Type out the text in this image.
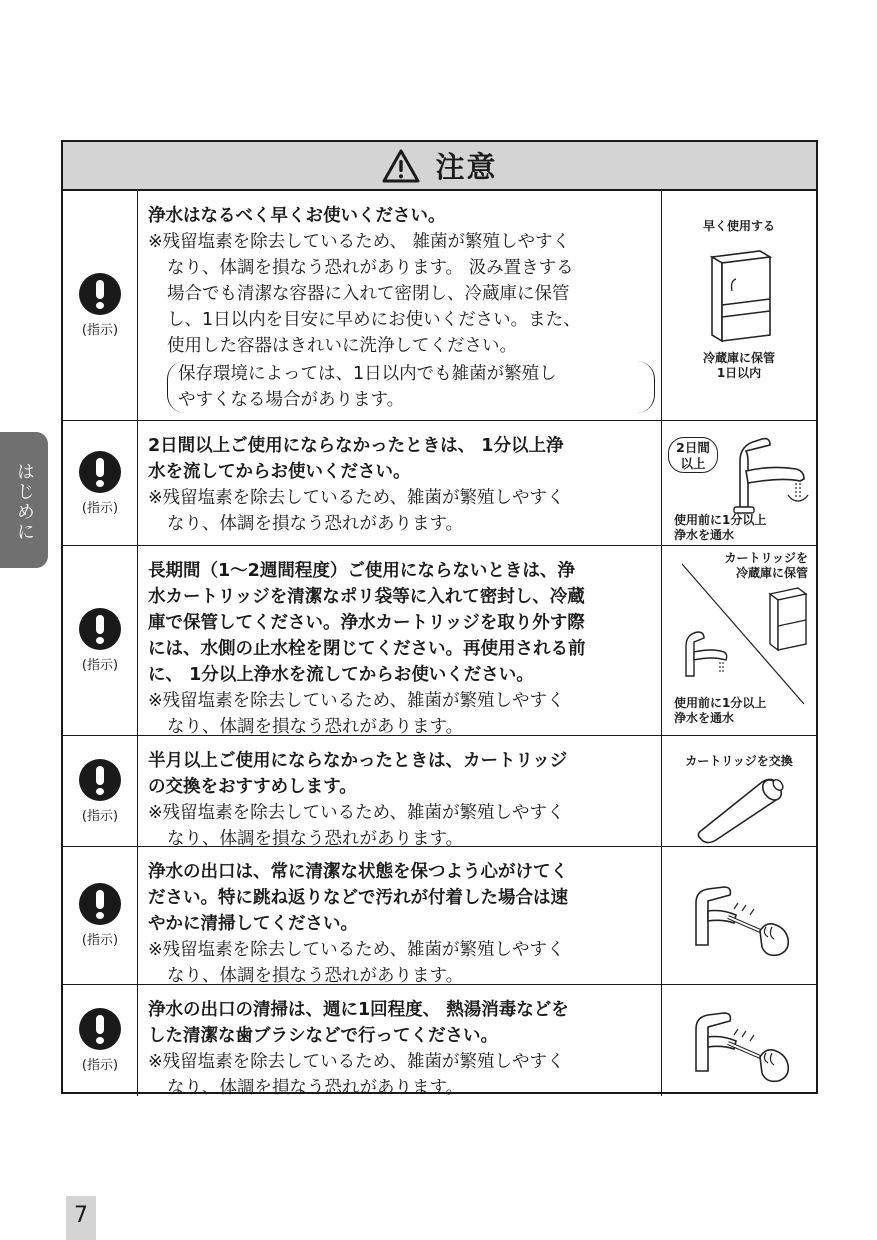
はじめに
注意
(指示)
浄水はなるべく早くお使いください。
※残留塩素を除去しているため、 雑菌が繁殖しやすく
なり、体調を損なう恐れがあります。 汲み置きする
場合でも清潔な容器に入れて密閉し、冷蔵庫に保管
し、1日以内を目安に早めにお使いください。また、
使用した容器はきれいに洗浄してください。
保存環境によっては、1日以内でも雑菌が繁殖し
やすくなる場合があります。
早く使用する
冷蔵庫に保管
1日以内
(指示)
2日間以上ご使用にならなかったときは、 1分以上浄
水を流してからお使いください。
※残留塩素を除去しているため、雑菌が繁殖しやすく
なり、体調を損なう恐れがあります。
2日間
以上
使用前に1分以上
浄水を通水
(指示)
長期間（1～2週間程度）ご使用にならないときは、浄
水カートリッジを清潔なポリ袋等に入れて密封し、冷蔵
庫で保管してください。浄水カートリッジを取り外す際
には、水側の止水栓を閉じてください。再使用される前
に、 1分以上浄水を流してからお使いください。
※残留塩素を除去しているため、雑菌が繁殖しやすく
なり、体調を損なう恐れがあります。
カートリッジを
冷蔵庫に保管
使用前に1分以上
浄水を通水
(指示)
半月以上ご使用にならなかったときは、カートリッジ
の交換をおすすめします。
※残留塩素を除去しているため、雑菌が繁殖しやすく
なり、体調を損なう恐れがあります。
カートリッジを交換
(指示)
浄水の出口は、常に清潔な状態を保つよう心がけてく
ださい。特に跳ね返りなどで汚れが付着した場合は速
やかに清掃してください。
※残留塩素を除去しているため、雑菌が繁殖しやすく
なり、体調を損なう恐れがあります。
(指示)
浄水の出口の清掃は、週に1回程度、 熱湯消毒などを
した清潔な歯ブラシなどで行ってください。
※残留塩素を除去しているため、雑菌が繁殖しやすく
なり、体調を損なう恐れがあります。
7
